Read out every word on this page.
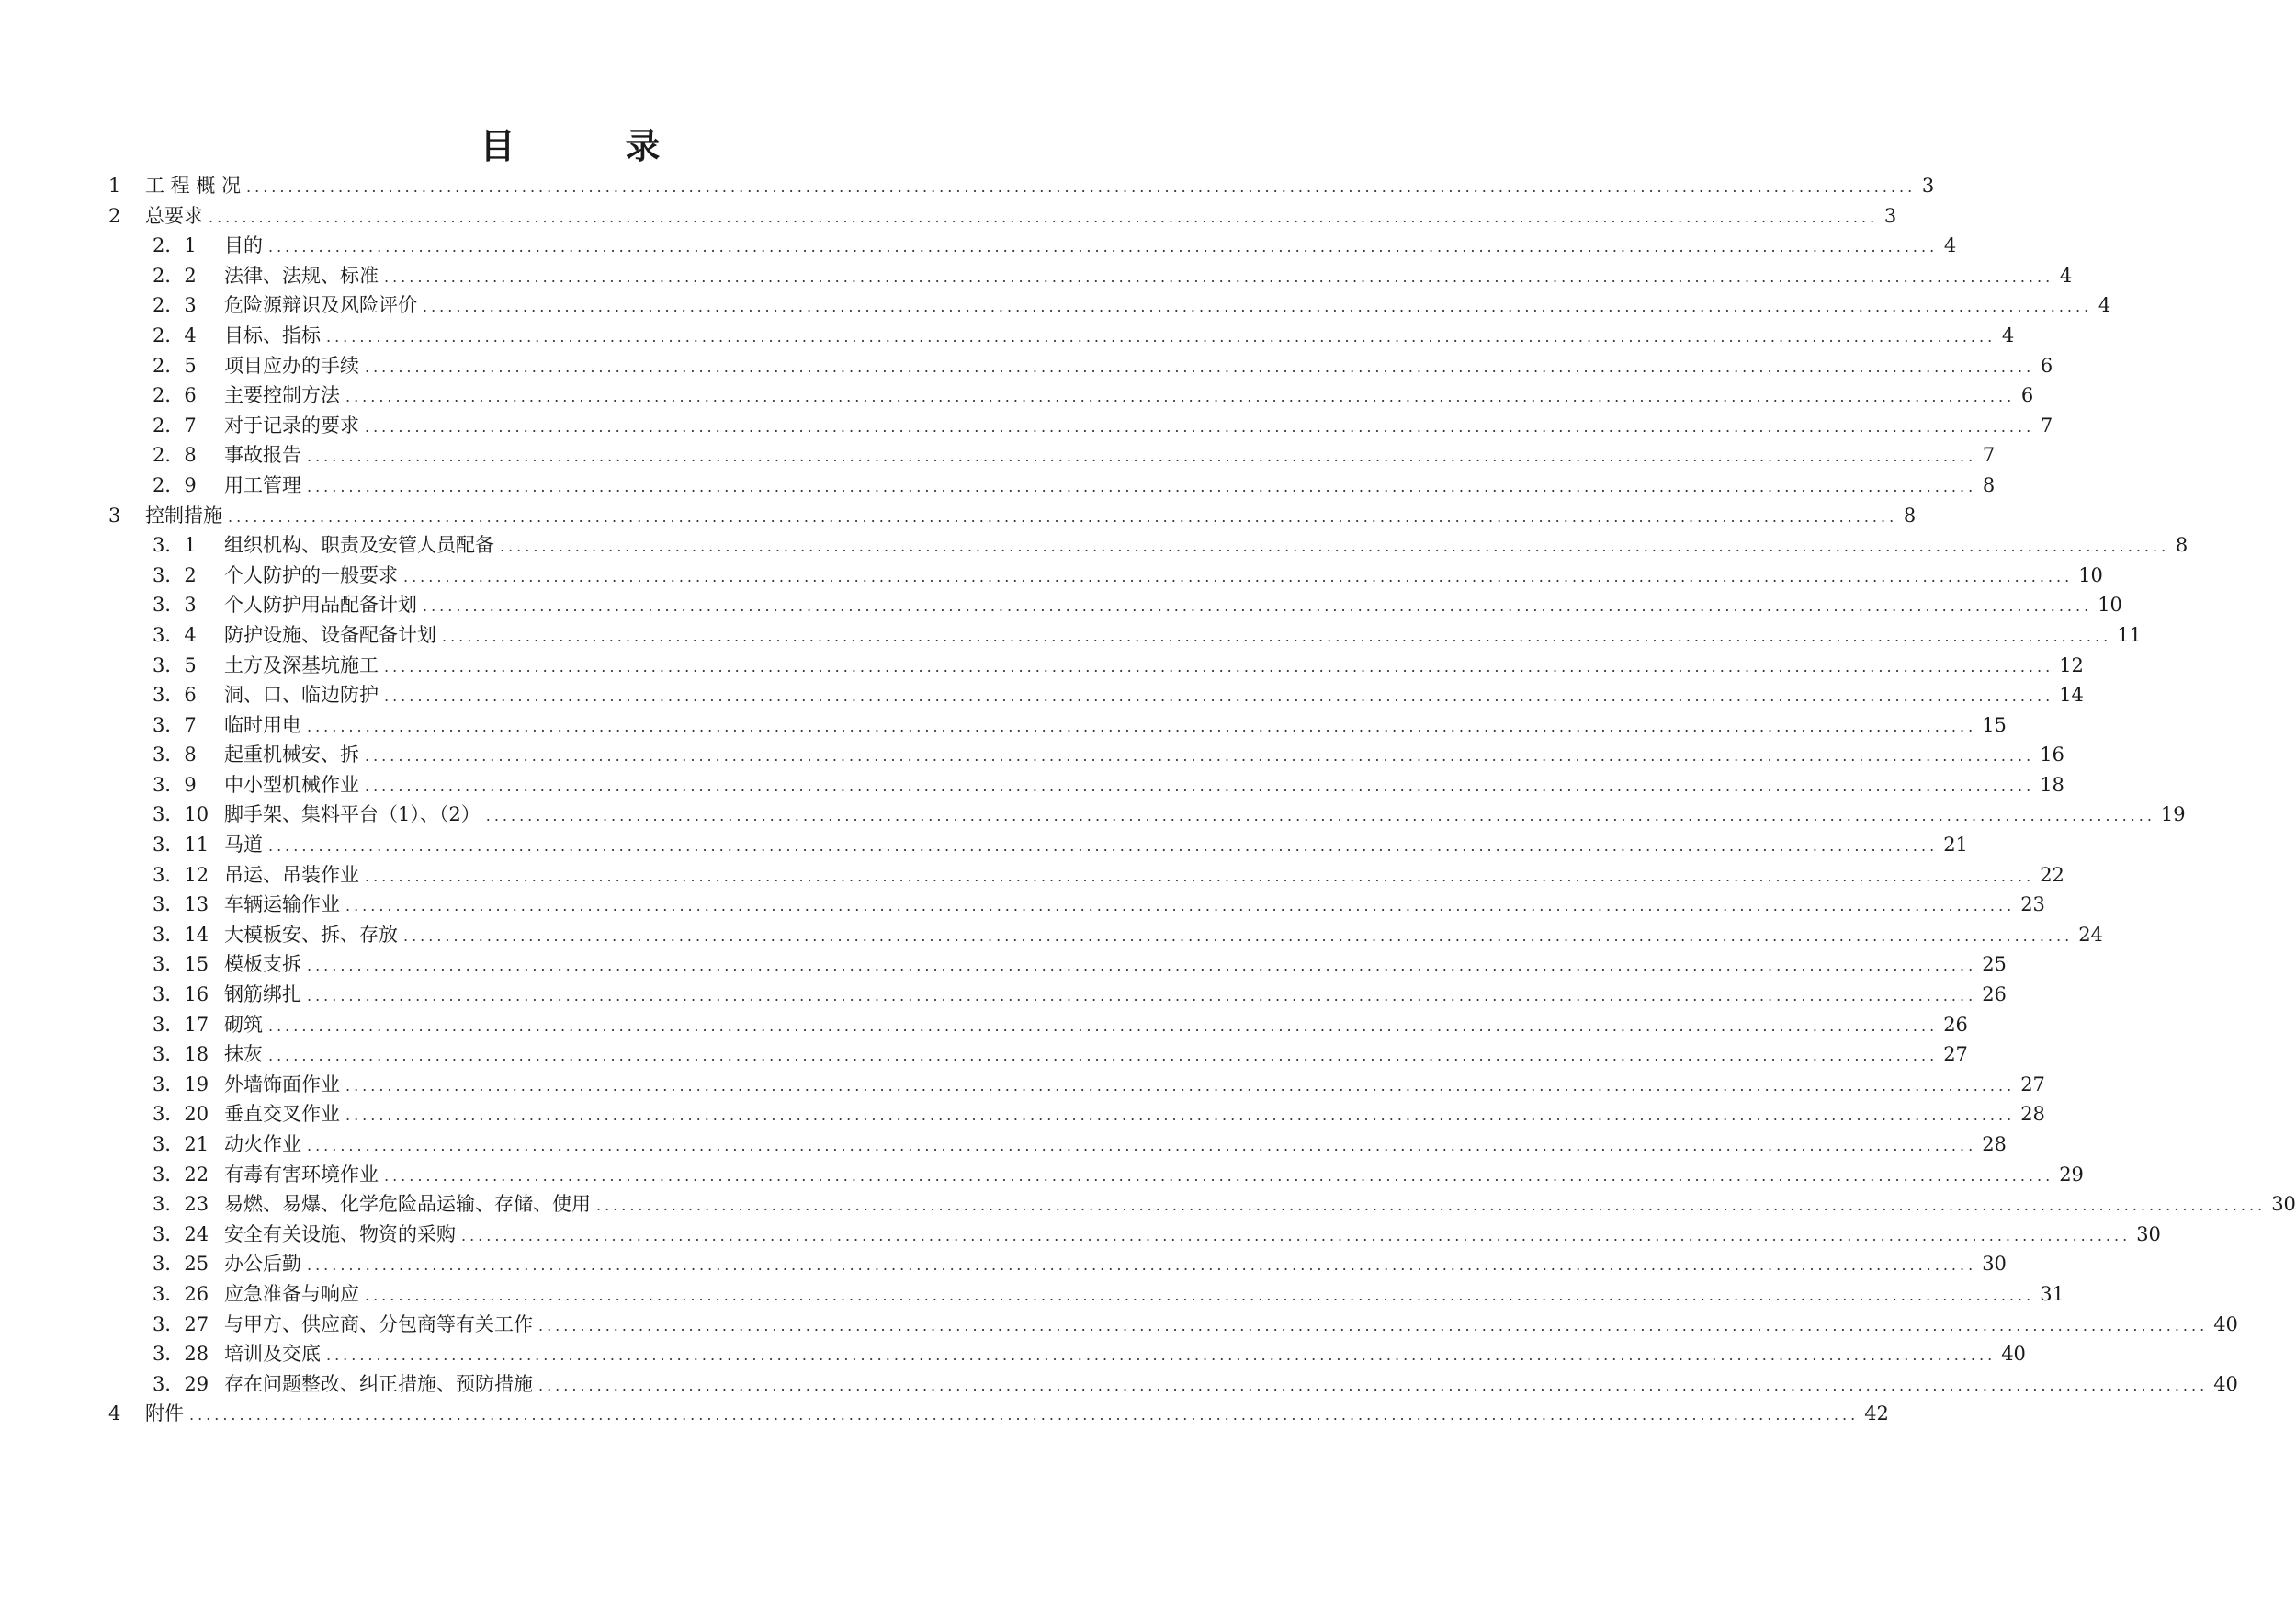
目	录
1	工 程 概 况 ........................................................................................................................................................................................................ 3
2	总要求 ........................................................................................................................................................................................................ 3
2．1	目的 ........................................................................................................................................................................................................ 4
2．2	法律、法规、标准 ........................................................................................................................................................................................................ 4
2．3	危险源辩识及风险评价 ........................................................................................................................................................................................................ 4
2．4	目标、指标 ........................................................................................................................................................................................................ 4
2．5	项目应办的手续 ........................................................................................................................................................................................................ 6
2．6	主要控制方法 ........................................................................................................................................................................................................ 6
2．7	对于记录的要求 ........................................................................................................................................................................................................ 7
2．8	事故报告 ........................................................................................................................................................................................................ 7
2．9	用工管理 ........................................................................................................................................................................................................ 8
3	控制措施 ........................................................................................................................................................................................................ 8
3．1	组织机构、职责及安管人员配备 ........................................................................................................................................................................................................ 8
3．2	个人防护的一般要求 ........................................................................................................................................................................................................ 10
3．3	个人防护用品配备计划 ........................................................................................................................................................................................................ 10
3．4	防护设施、设备配备计划 ........................................................................................................................................................................................................ 11
3．5	土方及深基坑施工 ........................................................................................................................................................................................................ 12
3．6	洞、口、临边防护 ........................................................................................................................................................................................................ 14
3．7	临时用电 ........................................................................................................................................................................................................ 15
3．8	起重机械安、拆 ........................................................................................................................................................................................................ 16
3．9	中小型机械作业 ........................................................................................................................................................................................................ 18
3．10 脚手架、集料平台（1）、（2） ........................................................................................................................................................................................................ 19
3．11 马道 ........................................................................................................................................................................................................ 21
3．12 吊运、吊装作业 ........................................................................................................................................................................................................ 22
3．13 车辆运输作业 ........................................................................................................................................................................................................ 23
3．14 大模板安、拆、存放 ........................................................................................................................................................................................................ 24
3．15 模板支拆 ........................................................................................................................................................................................................ 25
3．16 钢筋绑扎 ........................................................................................................................................................................................................ 26
3．17 砌筑 ........................................................................................................................................................................................................ 26
3．18 抹灰 ........................................................................................................................................................................................................ 27
3．19 外墙饰面作业 ........................................................................................................................................................................................................ 27
3．20 垂直交叉作业 ........................................................................................................................................................................................................ 28
3．21 动火作业 ........................................................................................................................................................................................................ 28
3．22 有毒有害环境作业 ........................................................................................................................................................................................................ 29
3．23 易燃、易爆、化学危险品运输、存储、使用 ........................................................................................................................................................................................................ 30
3．24 安全有关设施、物资的采购 ........................................................................................................................................................................................................ 30
3．25 办公后勤 ........................................................................................................................................................................................................ 30
3．26 应急准备与响应 ........................................................................................................................................................................................................ 31
3．27 与甲方、供应商、分包商等有关工作 ........................................................................................................................................................................................................ 40
3．28 培训及交底 ........................................................................................................................................................................................................ 40
3．29 存在问题整改、纠正措施、预防措施 ........................................................................................................................................................................................................ 40
4	附件 ........................................................................................................................................................................................................ 42
